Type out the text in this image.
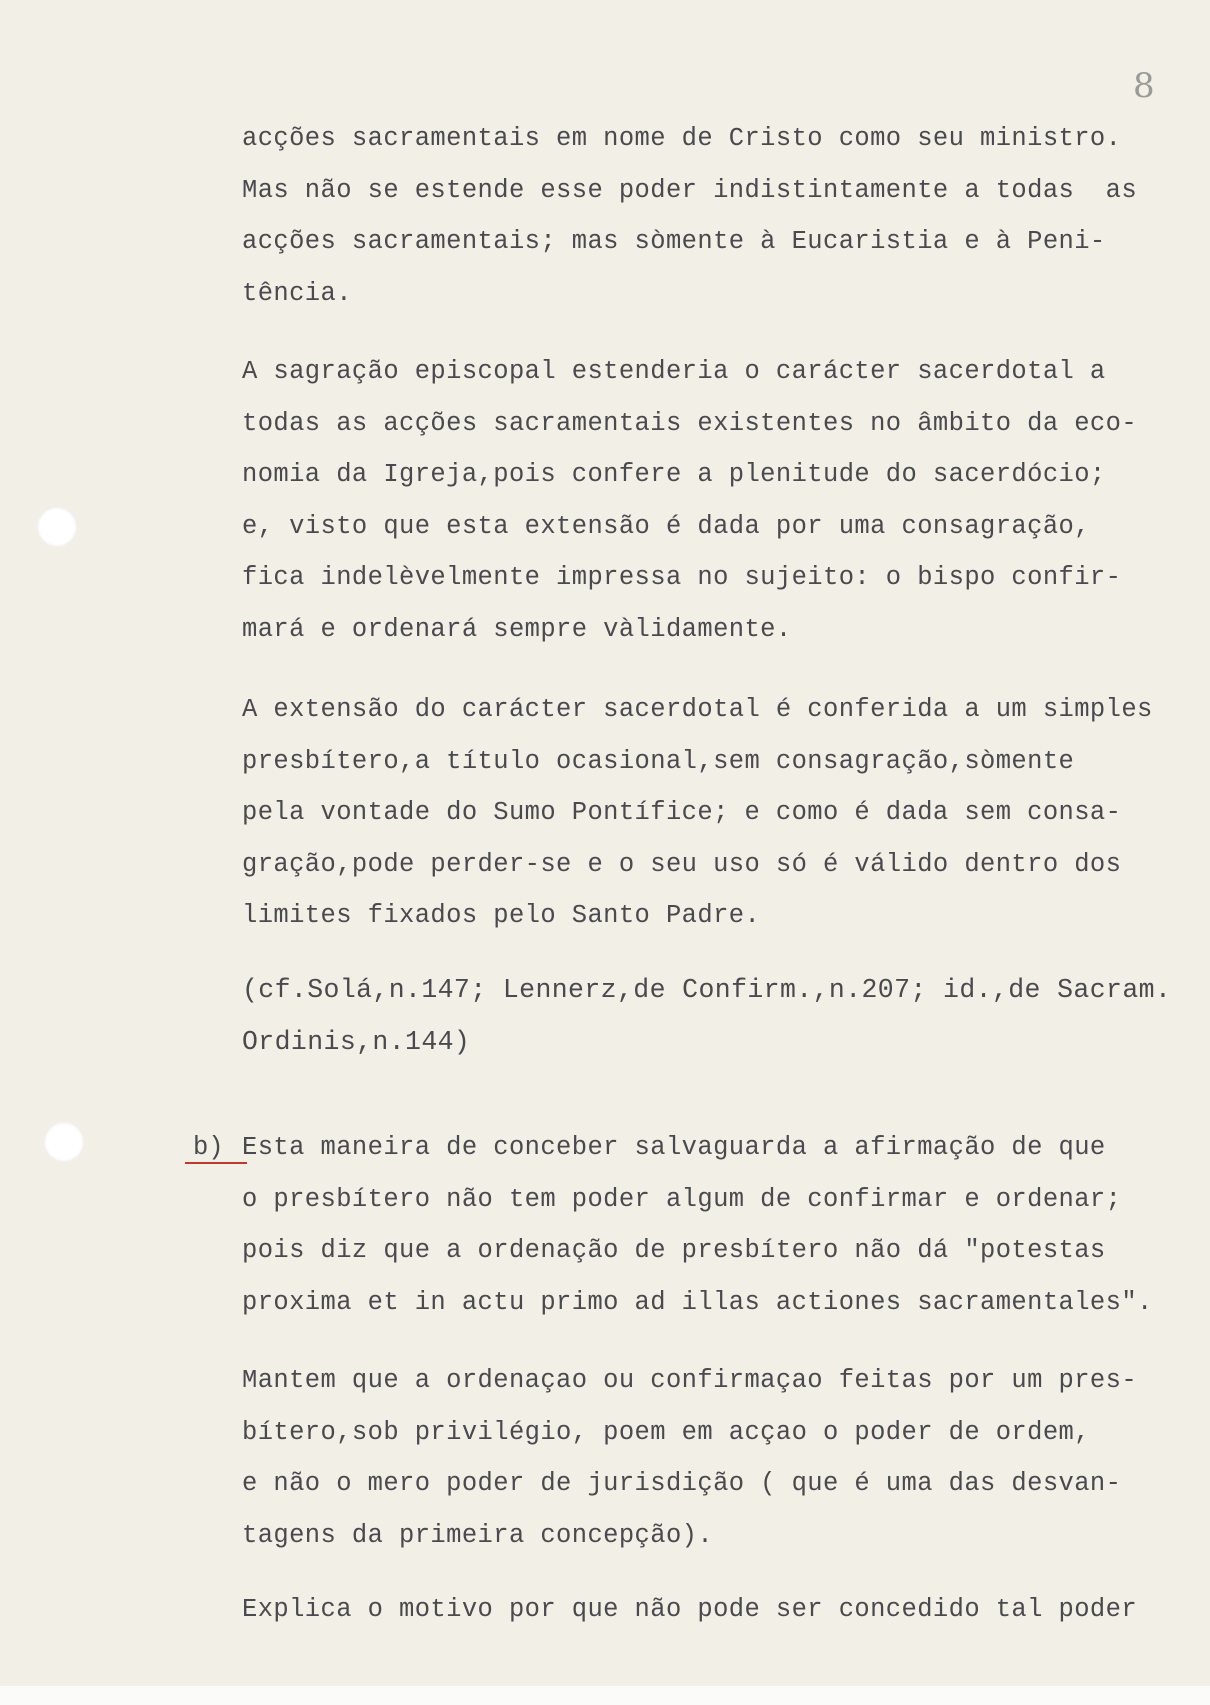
8
acções sacramentais em nome de Cristo como seu ministro.
Mas não se estende esse poder indistintamente a todas  as
acções sacramentais; mas sòmente à Eucaristia e à Peni-
tência.
A sagração episcopal estenderia o carácter sacerdotal a
todas as acções sacramentais existentes no âmbito da eco-
nomia da Igreja,pois confere a plenitude do sacerdócio;
e, visto que esta extensão é dada por uma consagração,
fica indelèvelmente impressa no sujeito: o bispo confir-
mará e ordenará sempre vàlidamente.
A extensão do carácter sacerdotal é conferida a um simples
presbítero,a título ocasional,sem consagração,sòmente
pela vontade do Sumo Pontífice; e como é dada sem consa-
gração,pode perder-se e o seu uso só é válido dentro dos
limites fixados pelo Santo Padre.
(cf.Solá,n.147; Lennerz,de Confirm.,n.207; id.,de Sacram.
Ordinis,n.144)
b) Esta maneira de conceber salvaguarda a afirmação de que
o presbítero não tem poder algum de confirmar e ordenar;
pois diz que a ordenação de presbítero não dá "potestas
proxima et in actu primo ad illas actiones sacramentales".
Mantem que a ordenaçao ou confirmaçao feitas por um pres-
bítero,sob privilégio, poem em acçao o poder de ordem,
e não o mero poder de jurisdição ( que é uma das desvan-
tagens da primeira concepção).
Explica o motivo por que não pode ser concedido tal poder
